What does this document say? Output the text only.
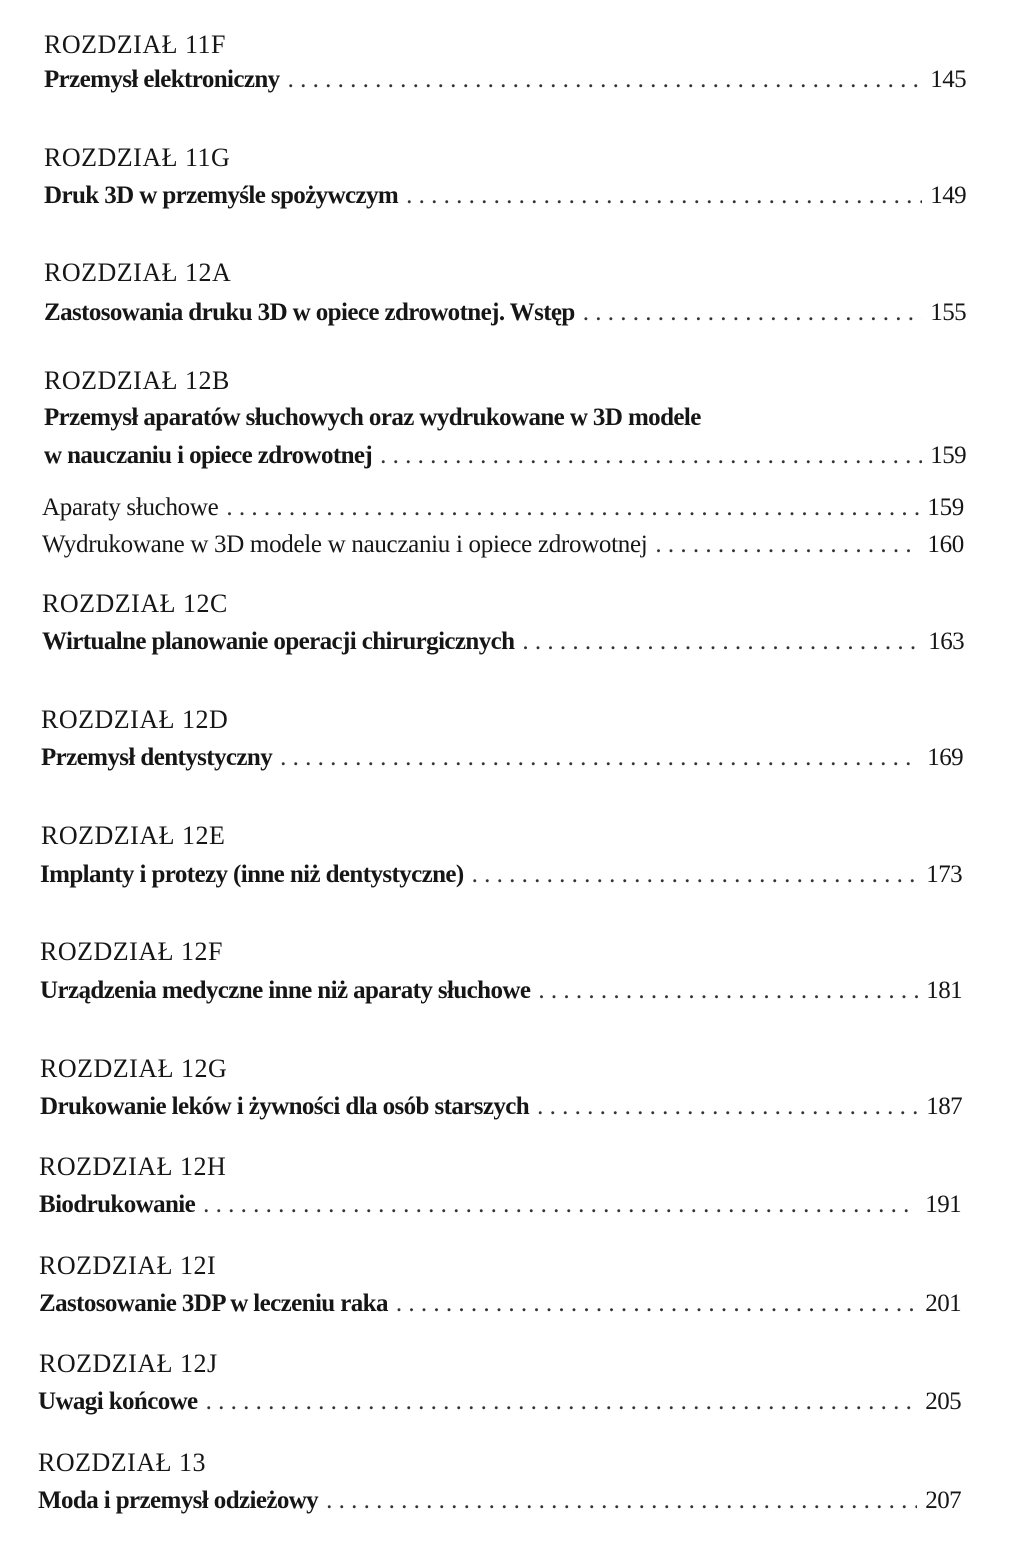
ROZDZIAŁ 11F
Przemysł elektroniczny . . .	145
ROZDZIAŁ 11G
Druk 3D w przemyśle spożywczym . . .	149
ROZDZIAŁ 12A
Zastosowania druku 3D w opiece zdrowotnej. Wstęp . . .	155
ROZDZIAŁ 12B
Przemysł aparatów słuchowych oraz wydrukowane w 3D modele
w nauczaniu i opiece zdrowotnej . . .	159
Aparaty słuchowe . . .	159
Wydrukowane w 3D modele w nauczaniu i opiece zdrowotnej . . .	160
ROZDZIAŁ 12C
Wirtualne planowanie operacji chirurgicznych . . .	163
ROZDZIAŁ 12D
Przemysł dentystyczny . . .	169
ROZDZIAŁ 12E
Implanty i protezy (inne niż dentystyczne) . . .	173
ROZDZIAŁ 12F
Urządzenia medyczne inne niż aparaty słuchowe . . .	181
ROZDZIAŁ 12G
Drukowanie leków i żywności dla osób starszych . . .	187
ROZDZIAŁ 12H
Biodrukowanie . . .	191
ROZDZIAŁ 12I
Zastosowanie 3DP w leczeniu raka . . .	201
ROZDZIAŁ 12J
Uwagi końcowe . . .	205
ROZDZIAŁ 13
Moda i przemysł odzieżowy . . .	207
